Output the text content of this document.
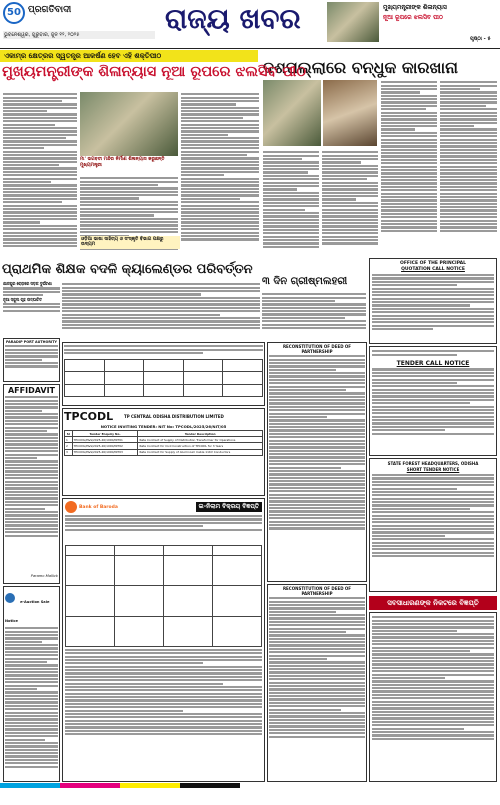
50 ପ୍ରଗତିବାଦୀ	ରାଜ୍ୟ ଖବର
ଭୁବନେଶ୍ୱର, ଗୁରୁବାର, ଜୁନ ୧୨, ୨୦୨୫
ମୁଖ୍ୟମନ୍ତ୍ରୀଙ୍କ ଶିଳାନ୍ୟାସ
ନୂଆ ରୂପରେ ଝଲସିବ ପୀଠ
ପୃଷ୍ଠା - ୫
ଏକାମ୍ର କ୍ଷେତ୍ରର ସ୍ୱତନ୍ତ୍ର ଆକର୍ଷଣ ହେବ ଏହି ଶକ୍ତିପୀଠ
ଦଶପଲ୍ଲାରେ ବନ୍ଧୁକ କାରଖାନା
ମୁଖ୍ୟମନ୍ତ୍ରୀଙ୍କ ଶିଳାନ୍ୟାସ ନୂଆ ରୂପରେ ଝଲସିବ ପୀଠ
ମା' ଭଗବତୀ ମନ୍ଦିର ନିର୍ମାଣ ଶିଳାନ୍ୟାସ କରୁଛନ୍ତି ମୁଖ୍ୟମନ୍ତ୍ରୀ
ଓଡ଼ିଆ ଭାଷା ସାହିତ୍ୟ ଓ ସଂସ୍କୃତି ବିଭାଗ ପକ୍ଷରୁ ଉଦ୍ୟମ
ପ୍ରାଥମିକ ଶିକ୍ଷକ ବଦଳି କ୍ୟାଲେଣ୍ଡର ପରିବର୍ତ୍ତନ	OFFICE OF THE PRINCIPAL
QUOTATION CALL NOTICE
୩ ଦିନ ଗ୍ରୀଷ୍ମଲହରୀ
ଯାଜପୁର ରୋଡ଼ରେ ସଡ଼କ ଦୁର୍ଘଟଣା
ନୂଆ ସ୍କୁଲ ଗୃହ ଉଦ୍‌ଘାଟିତ
PARADIP PORT AUTHORITY
AFFIDAVIT
Paramo Mallick
e-Auction Sale Notice

TPCODL	TP CENTRAL ODISHA DISTRIBUTION LIMITED
NOTICE INVITING TENDER: NIT No: TPCODL/2025/26/NIT/05
Sl	Tender Enquiry No.	Tender Description
1	TPCODL/P&S/2025-26/1000/NIT01	Rate Contract of Supply of Distribution Transformer for Operations
2	TPCODL/P&S/2025-26/1000/NIT02	Rate Contract for Civil Construction of TPCODL for 3 Years
3	TPCODL/P&S/2025-26/1000/NIT03	Rate Contract for Supply of Aluminium Cable 11KV Conductors
Bank of Baroda	ଇ-ନିଲାମ ବିକ୍ରୟ ବିଜ୍ଞପ୍ତି

RECONSTITUTION OF DEED OF PARTNERSHIP
RECONSTITUTION OF DEED OF PARTNERSHIP
TENDER CALL NOTICE
STATE FOREST HEADQUARTERS, ODISHA
SHORT TENDER NOTICE
ସବସାଧାରଣଙ୍କ ନିକଟରେ ବିଜ୍ଞପ୍ତି
